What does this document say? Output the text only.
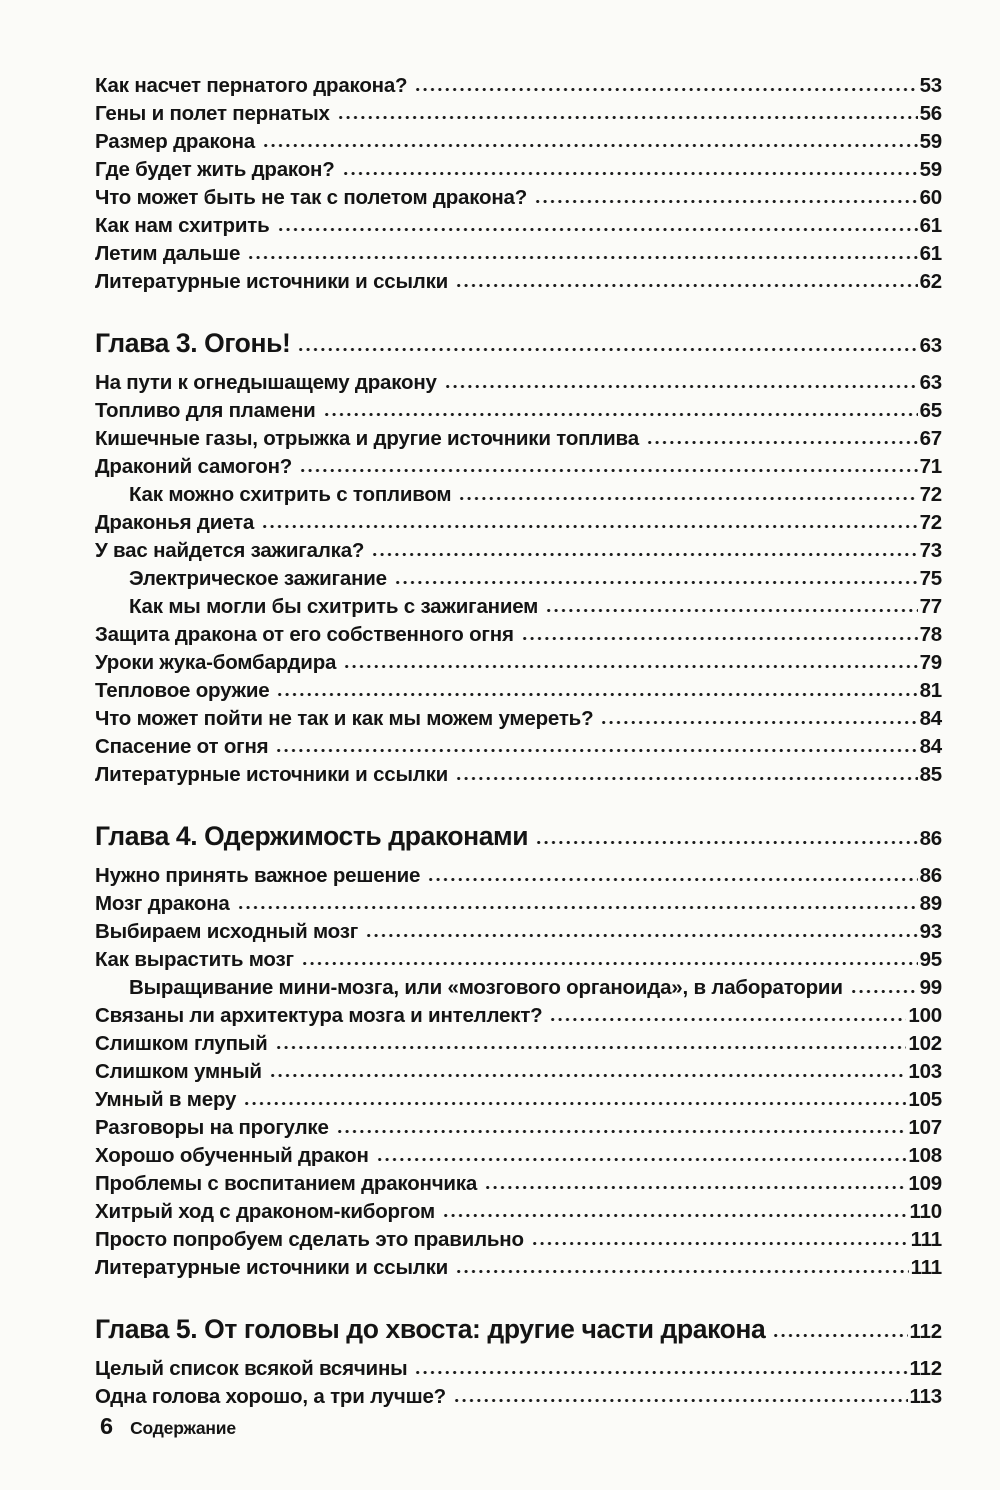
Как насчет пернатого дракона?	53
Гены и полет пернатых	56
Размер дракона	59
Где будет жить дракон?	59
Что может быть не так с полетом дракона?	60
Как нам схитрить	61
Летим дальше	61
Литературные источники и ссылки	62
Глава 3. Огонь!	63
На пути к огнедышащему дракону	63
Топливо для пламени	65
Кишечные газы, отрыжка и другие источники топлива	67
Драконий самогон?	71
Как можно схитрить с топливом	72
Драконья диета	72
У вас найдется зажигалка?	73
Электрическое зажигание	75
Как мы могли бы схитрить с зажиганием	77
Защита дракона от его собственного огня	78
Уроки жука-бомбардира	79
Тепловое оружие	81
Что может пойти не так и как мы можем умереть?	84
Спасение от огня	84
Литературные источники и ссылки	85
Глава 4. Одержимость драконами	86
Нужно принять важное решение	86
Мозг дракона	89
Выбираем исходный мозг	93
Как вырастить мозг	95
Выращивание мини-мозга, или «мозгового органоида», в лаборатории	99
Связаны ли архитектура мозга и интеллект?	100
Слишком глупый	102
Слишком умный	103
Умный в меру	105
Разговоры на прогулке	107
Хорошо обученный дракон	108
Проблемы с воспитанием дракончика	109
Хитрый ход с драконом-киборгом	110
Просто попробуем сделать это правильно	111
Литературные источники и ссылки	111
Глава 5. От головы до хвоста: другие части дракона	112
Целый список всякой всячины	112
Одна голова хорошо, а три лучше?	113
6 Содержание
